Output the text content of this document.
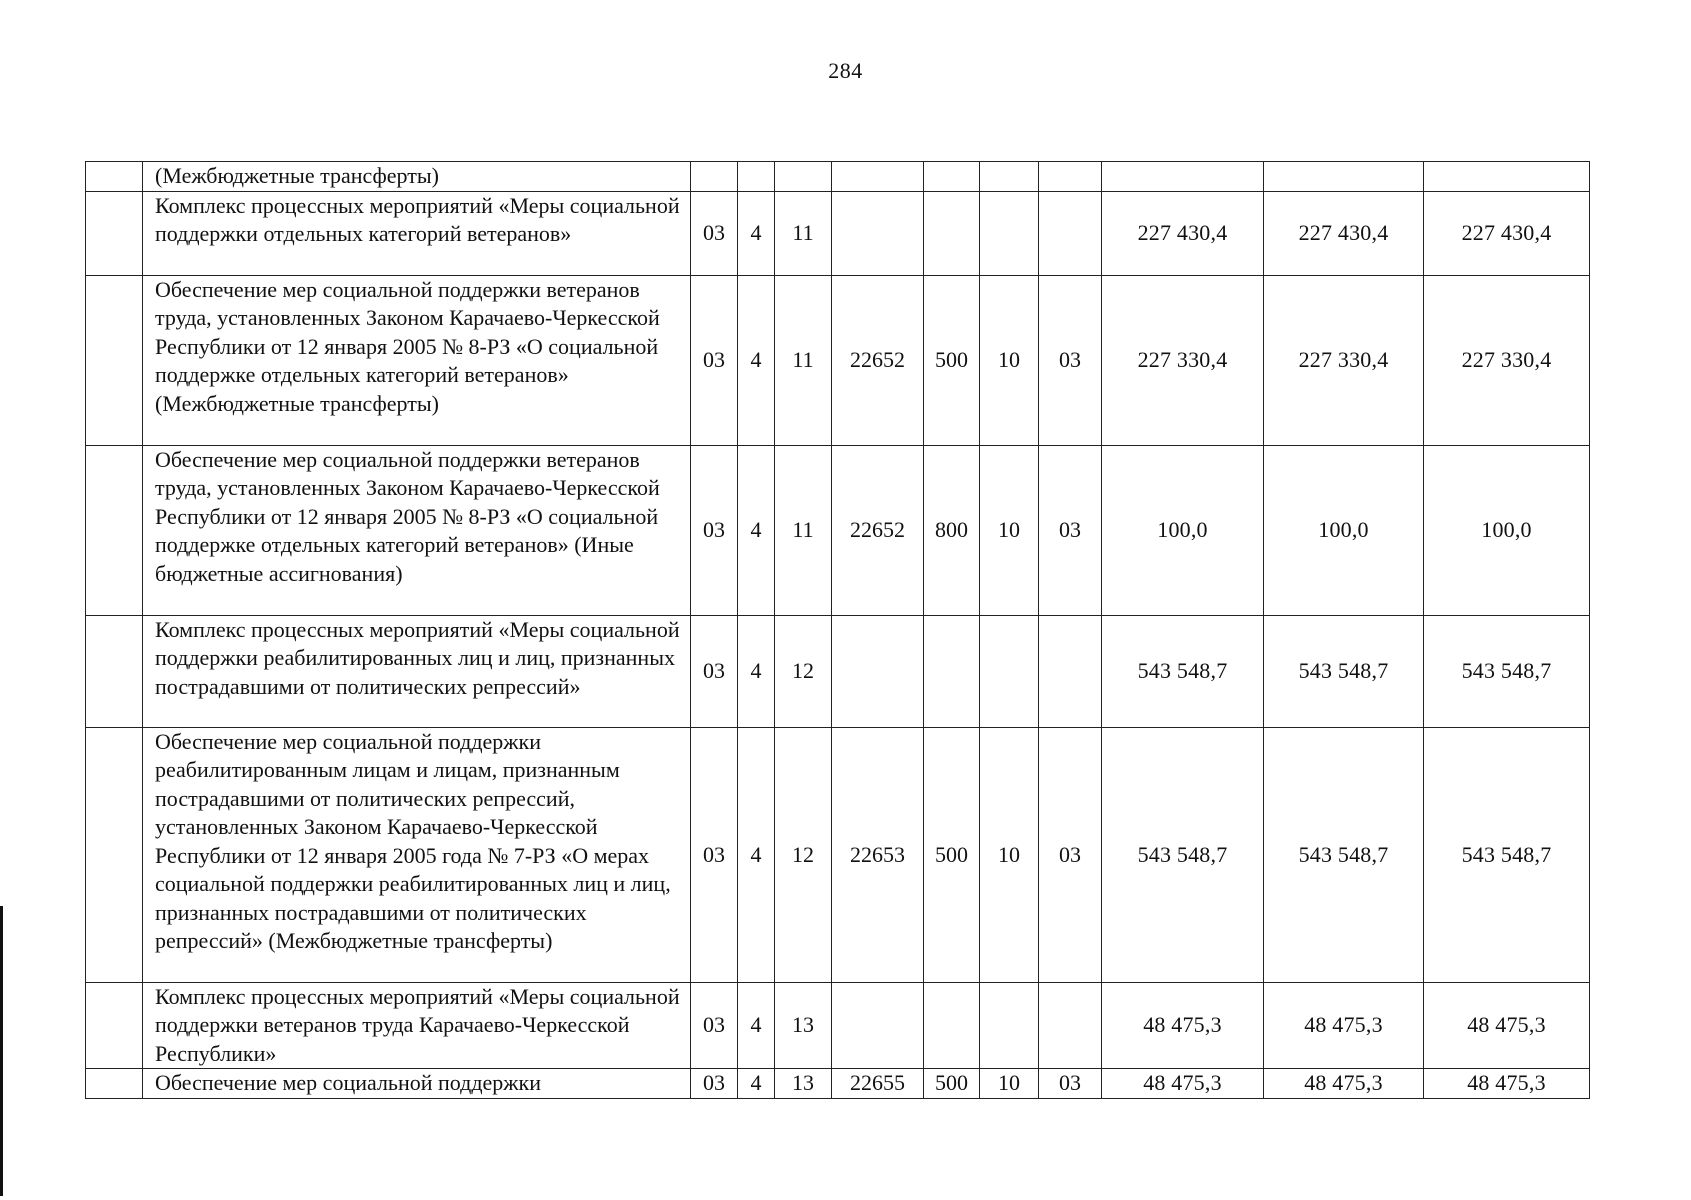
284
	(Межбюджетные трансферты)										
	Комплекс процессных мероприятий «Меры социальной поддержки отдельных категорий ветеранов»	03	4	11					227 430,4	227 430,4	227 430,4
	Обеспечение мер социальной поддержки ветеранов труда, установленных Законом Карачаево-Черкесской Республики от 12 января 2005 № 8-РЗ «О социальной поддержке отдельных категорий ветеранов» (Межбюджетные трансферты)	03	4	11	22652	500	10	03	227 330,4	227 330,4	227 330,4
	Обеспечение мер социальной поддержки ветеранов труда, установленных Законом Карачаево-Черкесской Республики от 12 января 2005 № 8-РЗ «О социальной поддержке отдельных категорий ветеранов» (Иные бюджетные ассигнования)	03	4	11	22652	800	10	03	100,0	100,0	100,0
	Комплекс процессных мероприятий «Меры социальной поддержки реабилитированных лиц и лиц, признанных пострадавшими от политических репрессий»	03	4	12					543 548,7	543 548,7	543 548,7
	Обеспечение мер социальной поддержки реабилитированным лицам и лицам, признанным пострадавшими от политических репрессий, установленных Законом Карачаево-Черкесской Республики от 12 января 2005 года № 7-РЗ «О мерах социальной поддержки реабилитированных лиц и лиц, признанных пострадавшими от политических репрессий» (Межбюджетные трансферты)	03	4	12	22653	500	10	03	543 548,7	543 548,7	543 548,7
	Комплекс процессных мероприятий «Меры социальной поддержки ветеранов труда Карачаево-Черкесской Республики»	03	4	13					48 475,3	48 475,3	48 475,3
	Обеспечение мер социальной поддержки	03	4	13	22655	500	10	03	48 475,3	48 475,3	48 475,3
